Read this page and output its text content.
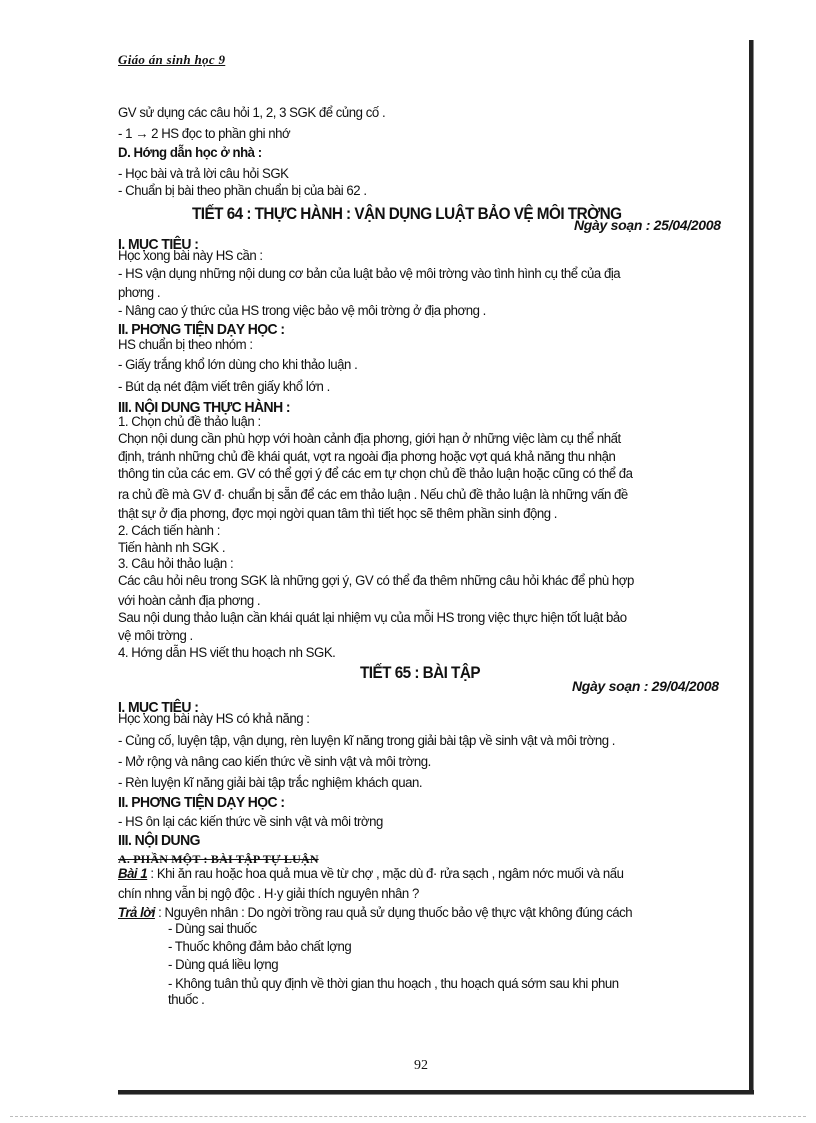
Giáo án sinh học 9
GV sử dụng các câu hỏi 1, 2, 3 SGK để củng cố .
- 1 → 2 HS đọc to phần ghi nhớ
D. Hớng dẫn học ở nhà :
- Học bài và trả lời câu hỏi SGK
- Chuẩn bị bài theo phần chuẩn bị của bài 62 .
TIẾT 64 : THỰC HÀNH : VẬN DỤNG LUẬT BẢO VỆ MÔI TRỜNG
Ngày soạn : 25/04/2008
I. MỤC TIÊU :
Học xong bài này HS cần :
- HS vận dụng những nội dung cơ bản của luật bảo vệ môi trờng vào tình hình cụ thể của địa
phơng .
- Nâng cao ý thức của HS trong việc bảo vệ môi trờng ở địa phơng .
II. PHƠNG TIỆN DẠY HỌC :
HS chuẩn bị theo nhóm :
- Giấy trắng khổ lớn dùng cho khi thảo luận .
- Bút dạ nét đậm viết trên giấy khổ lớn .
III. NỘI DUNG THỰC HÀNH :
1. Chọn chủ đề thảo luận :
Chọn nội dung cần phù hợp với hoàn cảnh địa phơng, giới hạn ở những việc làm cụ thể nhất
định, tránh những chủ đề khái quát, vợt ra ngoài địa phơng hoặc vợt quá khả năng thu nhận
thông tin của các em. GV có thể gợi ý để các em tự chọn chủ đề thảo luận hoặc cũng có thể đa
ra chủ đề mà GV đ· chuẩn bị sẵn để các em thảo luận . Nếu chủ đề thảo luận là những vấn đề
thật sự ở địa phơng, đợc mọi ngời quan tâm thì tiết học sẽ thêm phần sinh động .
2. Cách tiến hành :
Tiến hành nh SGK .
3. Câu hỏi thảo luận :
Các câu hỏi nêu trong SGK là những gợi ý, GV có thể đa thêm những câu hỏi khác để phù hợp
với hoàn cảnh địa phơng .
Sau nội dung thảo luận cần khái quát lại nhiệm vụ của mỗi HS trong việc thực hiện tốt luật bảo
vệ môi trờng .
4. Hớng dẫn HS viết thu hoạch nh SGK.
TIẾT 65 : BÀI TẬP
Ngày soạn : 29/04/2008
I. MỤC TIÊU :
Học xong bài này HS có khả năng :
- Củng cố, luyện tập, vận dụng, rèn luyện kĩ năng trong giải bài tập về sinh vật và môi trờng .
- Mở rộng và nâng cao kiến thức về sinh vật và môi trờng.
- Rèn luyện kĩ năng giải bài tập trắc nghiệm khách quan.
II. PHƠNG TIỆN DẠY HỌC :
- HS ôn lại các kiến thức về sinh vật và môi trờng
III. NỘI DUNG
A. PHẦN MỘT : BÀI TẬP TỰ LUẬN
Bài 1 : Khi ăn rau hoặc hoa quả mua về từ chợ , mặc dù đ· rửa sạch , ngâm nớc muối và nấu
chín nhng vẫn bị ngộ độc . H·y giải thích nguyên nhân ?
Trả lời : Nguyên nhân : Do ngời trồng rau quả sử dụng thuốc bảo vệ thực vật không đúng cách
- Dùng sai thuốc
- Thuốc không đảm bảo chất lợng
- Dùng quá liều lợng
- Không tuân thủ quy định về thời gian thu hoạch , thu hoạch quá sớm sau khi phun
thuốc .
92
